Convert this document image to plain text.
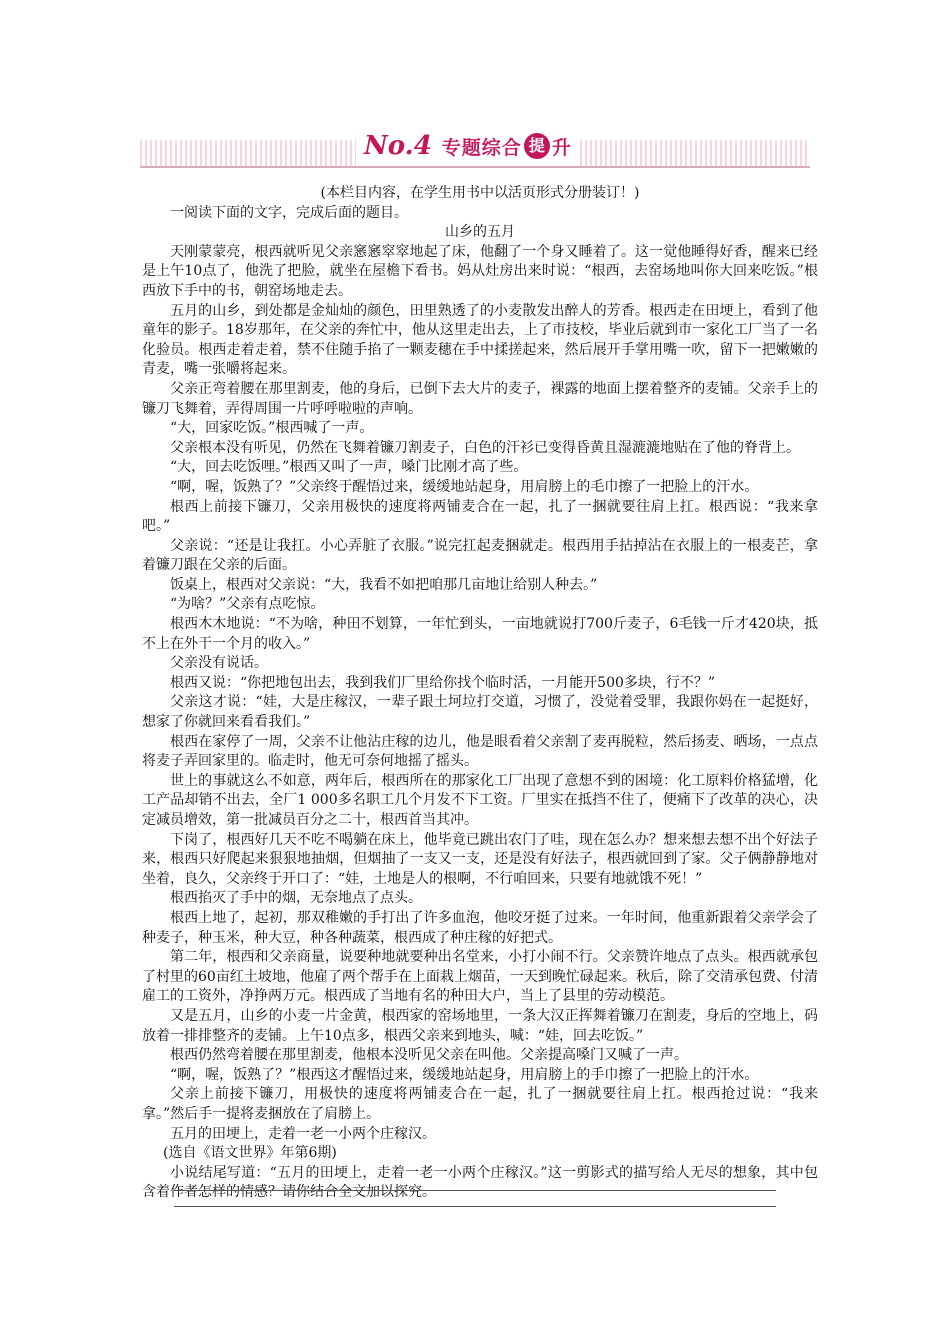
No.4 专题综合 提 升

(本栏目内容，在学生用书中以活页形式分册装订！)

一阅读下面的文字，完成后面的题目。

山乡的五月

天刚蒙蒙亮，根西就听见父亲窸窸窣窣地起了床，他翻了一个身又睡着了。这一觉他睡得好香，醒来已经是上午10点了，他洗了把脸，就坐在屋檐下看书。妈从灶房出来时说：“根西，去窑场地叫你大回来吃饭。”根西放下手中的书，朝窑场地走去。

五月的山乡，到处都是金灿灿的颜色，田里熟透了的小麦散发出醉人的芳香。根西走在田埂上，看到了他童年的影子。18岁那年，在父亲的奔忙中，他从这里走出去，上了市技校，毕业后就到市一家化工厂当了一名化验员。根西走着走着，禁不住随手掐了一颗麦穗在手中揉搓起来，然后展开手掌用嘴一吹，留下一把嫩嫩的青麦，嘴一张嚼将起来。

父亲正弯着腰在那里割麦，他的身后，已倒下去大片的麦子，裸露的地面上摆着整齐的麦铺。父亲手上的镰刀飞舞着，弄得周围一片呼呼啦啦的声响。

“大，回家吃饭。”根西喊了一声。

父亲根本没有听见，仍然在飞舞着镰刀割麦子，白色的汗衫已变得昏黄且湿漉漉地贴在了他的脊背上。

“大，回去吃饭哩。”根西又叫了一声，嗓门比刚才高了些。

“啊，喔，饭熟了？”父亲终于醒悟过来，缓缓地站起身，用肩膀上的毛巾擦了一把脸上的汗水。

根西上前接下镰刀，父亲用极快的速度将两铺麦合在一起，扎了一捆就要往肩上扛。根西说：“我来拿吧。”

父亲说：“还是让我扛。小心弄脏了衣服。”说完扛起麦捆就走。根西用手拈掉沾在衣服上的一根麦芒，拿着镰刀跟在父亲的后面。

饭桌上，根西对父亲说：“大，我看不如把咱那几亩地让给别人种去。”

“为啥？”父亲有点吃惊。

根西木木地说：“不为啥，种田不划算，一年忙到头，一亩地就说打700斤麦子，6毛钱一斤才420块，抵不上在外干一个月的收入。”

父亲没有说话。

根西又说：“你把地包出去，我到我们厂里给你找个临时活，一月能开500多块，行不？”

父亲这才说：“娃，大是庄稼汉，一辈子跟土坷垃打交道，习惯了，没觉着受罪，我跟你妈在一起挺好，想家了你就回来看看我们。”

根西在家停了一周，父亲不让他沾庄稼的边儿，他是眼看着父亲割了麦再脱粒，然后扬麦、晒场，一点点将麦子弄回家里的。临走时，他无可奈何地摇了摇头。

世上的事就这么不如意，两年后，根西所在的那家化工厂出现了意想不到的困境：化工原料价格猛增，化工产品却销不出去，全厂1 000多名职工几个月发不下工资。厂里实在抵挡不住了，便痛下了改革的决心，决定减员增效，第一批减员百分之二十，根西首当其冲。

下岗了，根西好几天不吃不喝躺在床上，他毕竟已跳出农门了哇，现在怎么办？想来想去想不出个好法子来，根西只好爬起来狠狠地抽烟，但烟抽了一支又一支，还是没有好法子，根西就回到了家。父子俩静静地对坐着，良久，父亲终于开口了：“娃，土地是人的根啊，不行咱回来，只要有地就饿不死！”

根西掐灭了手中的烟，无奈地点了点头。

根西上地了，起初，那双稚嫩的手打出了许多血泡，他咬牙挺了过来。一年时间，他重新跟着父亲学会了种麦子，种玉米，种大豆，种各种蔬菜，根西成了种庄稼的好把式。

第二年，根西和父亲商量，说要种地就要种出名堂来，小打小闹不行。父亲赞许地点了点头。根西就承包了村里的60亩红土坡地，他雇了两个帮手在上面栽上烟苗，一天到晚忙碌起来。秋后，除了交清承包费、付清雇工的工资外，净挣两万元。根西成了当地有名的种田大户，当上了县里的劳动模范。

又是五月，山乡的小麦一片金黄，根西家的窑场地里，一条大汉正挥舞着镰刀在割麦，身后的空地上，码放着一排排整齐的麦铺。上午10点多，根西父亲来到地头，喊：“娃，回去吃饭。”

根西仍然弯着腰在那里割麦，他根本没听见父亲在叫他。父亲提高嗓门又喊了一声。

“啊，喔，饭熟了？”根西这才醒悟过来，缓缓地站起身，用肩膀上的手巾擦了一把脸上的汗水。

父亲上前接下镰刀，用极快的速度将两铺麦合在一起，扎了一捆就要往肩上扛。根西抢过说：“我来拿。”然后手一提将麦捆放在了肩膀上。

五月的田埂上，走着一老一小两个庄稼汉。

(选自《语文世界》年第6期)

小说结尾写道：“五月的田埂上，走着一老一小两个庄稼汉。”这一剪影式的描写给人无尽的想象，其中包含着作者怎样的情感？请你结合全文加以探究。
